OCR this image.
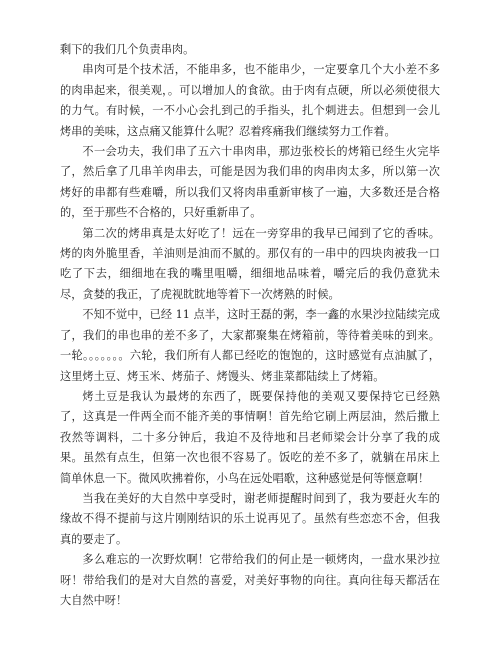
剩下的我们几个负责串肉。

串肉可是个技术活，不能串多，也不能串少，一定要拿几个大小差不多的肉串起来，很美观，。可以增加人的食欲。由于肉有点硬，所以必须使很大的力气。有时候，一不小心会扎到己的手指头，扎个刺进去。但想到一会儿烤串的美味，这点痛又能算什么呢？忍着疼痛我们继续努力工作着。

不一会功夫，我们串了五六十串肉串，那边张校长的烤箱已经生火完毕了，然后拿了几串羊肉串去，可能是因为我们串的肉串肉太多，所以第一次烤好的串都有些难嚼，所以我们又将肉串重新审核了一遍，大多数还是合格的，至于那些不合格的，只好重新串了。

第二次的烤串真是太好吃了！远在一旁穿串的我早已闻到了它的香味。烤的肉外脆里香，羊油则是油而不腻的。那仅有的一串中的四块肉被我一口吃了下去，细细地在我的嘴里咀嚼，细细地品味着，嚼完后的我仍意犹未尽，贪婪的我正，了虎视眈眈地等着下一次烤熟的时候。

不知不觉中，已经 11 点半，这时王磊的粥，李一鑫的水果沙拉陆续完成了，我们的串也串的差不多了，大家都聚集在烤箱前，等待着美味的到来。一轮。。。。。。。六轮，我们所有人都已经吃的饱饱的，这时感觉有点油腻了，这里烤土豆、烤玉米、烤茄子、烤馒头、烤韭菜都陆续上了烤箱。

烤土豆是我认为最烤的东西了，既要保持他的美观又要保持它已经熟了，这真是一件两全而不能齐美的事情啊！首先给它刷上两层油，然后撒上孜然等调料，二十多分钟后，我迫不及待地和吕老师梁会计分享了我的成果。虽然有点生，但第一次也很不容易了。饭吃的差不多了，就躺在吊床上简单休息一下。微风吹拂着你，小鸟在远处唱歌，这种感觉是何等惬意啊！

当我在美好的大自然中享受时，谢老师提醒时间到了，我为要赶火车的缘故不得不提前与这片刚刚结识的乐土说再见了。虽然有些恋恋不舍，但我真的要走了。

多么难忘的一次野炊啊！它带给我们的何止是一顿烤肉，一盘水果沙拉呀！带给我们的是对大自然的喜爱，对美好事物的向往。真向往每天都活在大自然中呀！
